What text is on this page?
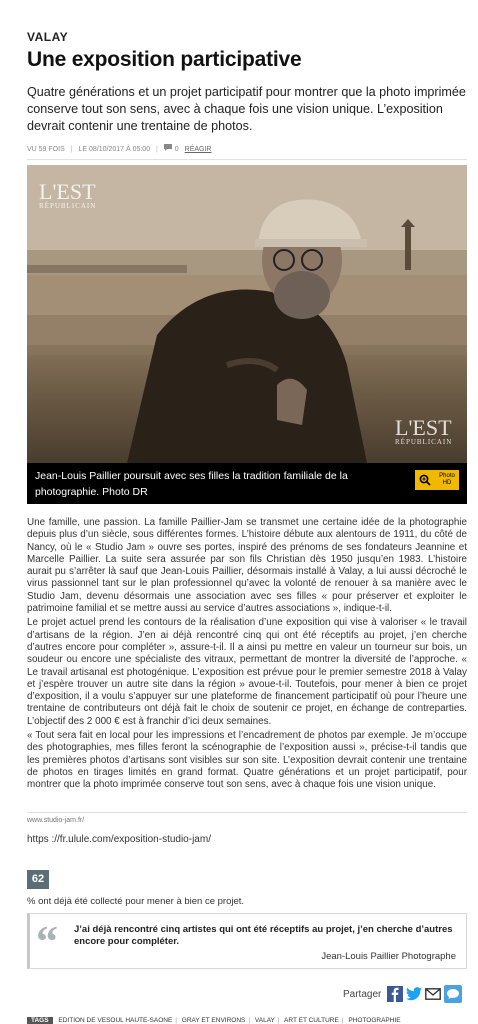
VALAY
Une exposition participative

Quatre générations et un projet participatif pour montrer que la photo imprimée conserve tout son sens, avec à chaque fois une vision unique. L’exposition devrait contenir une trentaine de photos.

VU 59 FOIS | LE 08/10/2017 À 05:00 | 0 RÉAGIR
L'EST
RÉPUBLICAIN
L'EST
RÉPUBLICAIN
Jean-Louis Paillier poursuit avec ses filles la tradition familiale de la photographie. Photo DR
Photo
HD

Une famille, une passion. La famille Paillier-Jam se transmet une certaine idée de la photographie depuis plus d’un siècle, sous différentes formes. L’histoire débute aux alentours de 1911, du côté de Nancy, où le « Studio Jam » ouvre ses portes, inspiré des prénoms de ses fondateurs Jeannine et Marcelle Paillier. La suite sera assurée par son fils Christian dès 1950 jusqu’en 1983. L’histoire aurait pu s’arrêter là sauf que Jean-Louis Paillier, désormais installé à Valay, a lui aussi décroché le virus passionnel tant sur le plan professionnel qu’avec la volonté de renouer à sa manière avec le Studio Jam, devenu désormais une association avec ses filles « pour préserver et exploiter le patrimoine familial et se mettre aussi au service d’autres associations », indique-t-il.

Le projet actuel prend les contours de la réalisation d’une exposition qui vise à valoriser « le travail d’artisans de la région. J’en ai déjà rencontré cinq qui ont été réceptifs au projet, j’en cherche d’autres encore pour compléter », assure-t-il. Il a ainsi pu mettre en valeur un tourneur sur bois, un soudeur ou encore une spécialiste des vitraux, permettant de montrer la diversité de l’approche. « Le travail artisanal est photogénique. L’exposition est prévue pour le premier semestre 2018 à Valay et j’espère trouver un autre site dans la région » avoue-t-il. Toutefois, pour mener à bien ce projet d’exposition, il a voulu s’appuyer sur une plateforme de financement participatif où pour l’heure une trentaine de contributeurs ont déjà fait le choix de soutenir ce projet, en échange de contreparties. L’objectif des 2 000 € est à franchir d’ici deux semaines.

« Tout sera fait en local pour les impressions et l’encadrement de photos par exemple. Je m’occupe des photographies, mes filles feront la scénographie de l’exposition aussi », précise-t-il tandis que les premières photos d’artisans sont visibles sur son site. L’exposition devrait contenir une trentaine de photos en tirages limités en grand format. Quatre générations et un projet participatif, pour montrer que la photo imprimée conserve tout son sens, avec à chaque fois une vision unique.

www.studio-jam.fr/
https ://fr.ulule.com/exposition-studio-jam/
62
% ont déjà été collecté pour mener à bien ce projet.
“ J’ai déjà rencontré cinq artistes qui ont été réceptifs au projet, j’en cherche d’autres encore pour compléter.
Jean-Louis Paillier Photographe
Partager
TAGS EDITION DE VESOUL HAUTE-SAÔNE | GRAY ET ENVIRONS | VALAY | ART ET CULTURE | PHOTOGRAPHIE
